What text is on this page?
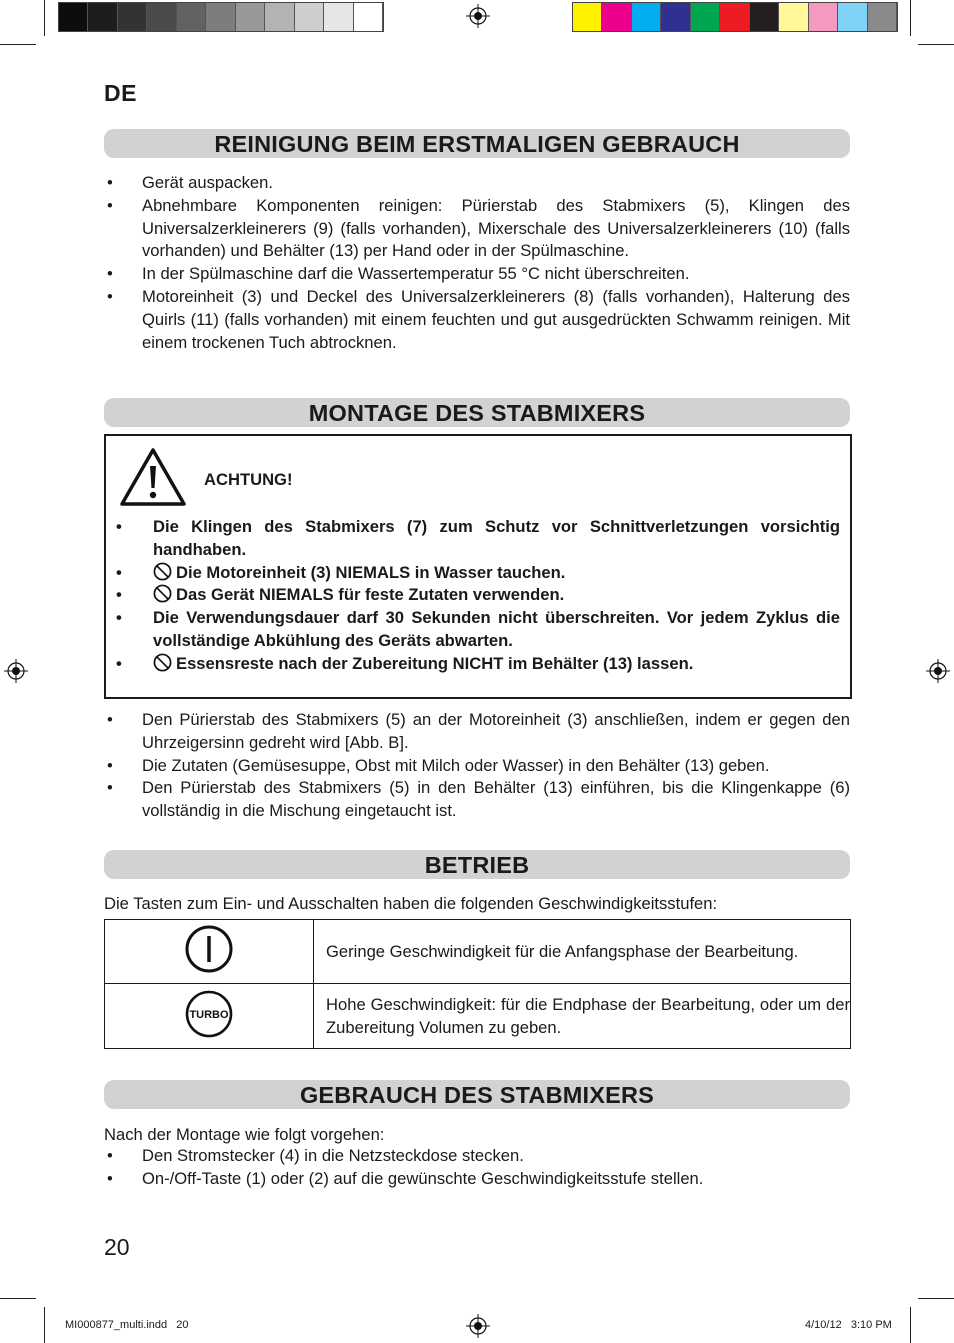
DE
REINIGUNG BEIM ERSTMALIGEN GEBRAUCH
• Gerät auspacken.
• Abnehmbare Komponenten reinigen: Pürierstab des Stabmixers (5), Klingen des Universalzerkleinerers (9) (falls vorhanden), Mixerschale des Universalzerkleinerers (10) (falls vorhanden) und Behälter (13) per Hand oder in der Spülmaschine.
• In der Spülmaschine darf die Wassertemperatur 55 °C nicht überschreiten.
• Motoreinheit (3) und Deckel des Universalzerkleinerers (8) (falls vorhanden), Halterung des Quirls (11) (falls vorhanden) mit einem feuchten und gut ausgedrückten Schwamm reinigen. Mit einem trockenen Tuch abtrocknen.
MONTAGE DES STABMIXERS
ACHTUNG!
• Die Klingen des Stabmixers (7) zum Schutz vor Schnittverletzungen vorsichtig handhaben.
• Die Motoreinheit (3) NIEMALS in Wasser tauchen.
• Das Gerät NIEMALS für feste Zutaten verwenden.
• Die Verwendungsdauer darf 30 Sekunden nicht überschreiten. Vor jedem Zyklus die vollständige Abkühlung des Geräts abwarten.
• Essensreste nach der Zubereitung NICHT im Behälter (13) lassen.
• Den Pürierstab des Stabmixers (5) an der Motoreinheit (3) anschließen, indem er gegen den Uhrzeigersinn gedreht wird [Abb. B].
• Die Zutaten (Gemüsesuppe, Obst mit Milch oder Wasser) in den Behälter (13) geben.
• Den Pürierstab des Stabmixers (5) in den Behälter (13) einführen, bis die Klingenkappe (6) vollständig in die Mischung eingetaucht ist.
BETRIEB
Die Tasten zum Ein- und Ausschalten haben die folgenden Geschwindigkeitsstufen:
	Geringe Geschwindigkeit für die Anfangsphase der Bearbeitung.

TURBO	Hohe Geschwindigkeit: für die Endphase der Bearbeitung, oder um der Zubereitung Volumen zu geben.
GEBRAUCH DES STABMIXERS
Nach der Montage wie folgt vorgehen:
• Den Stromstecker (4) in die Netzsteckdose stecken.
• On-/Off-Taste (1) oder (2) auf die gewünschte Geschwindigkeitsstufe stellen.
20
MI000877_multi.indd   20	4/10/12   3:10 PM
